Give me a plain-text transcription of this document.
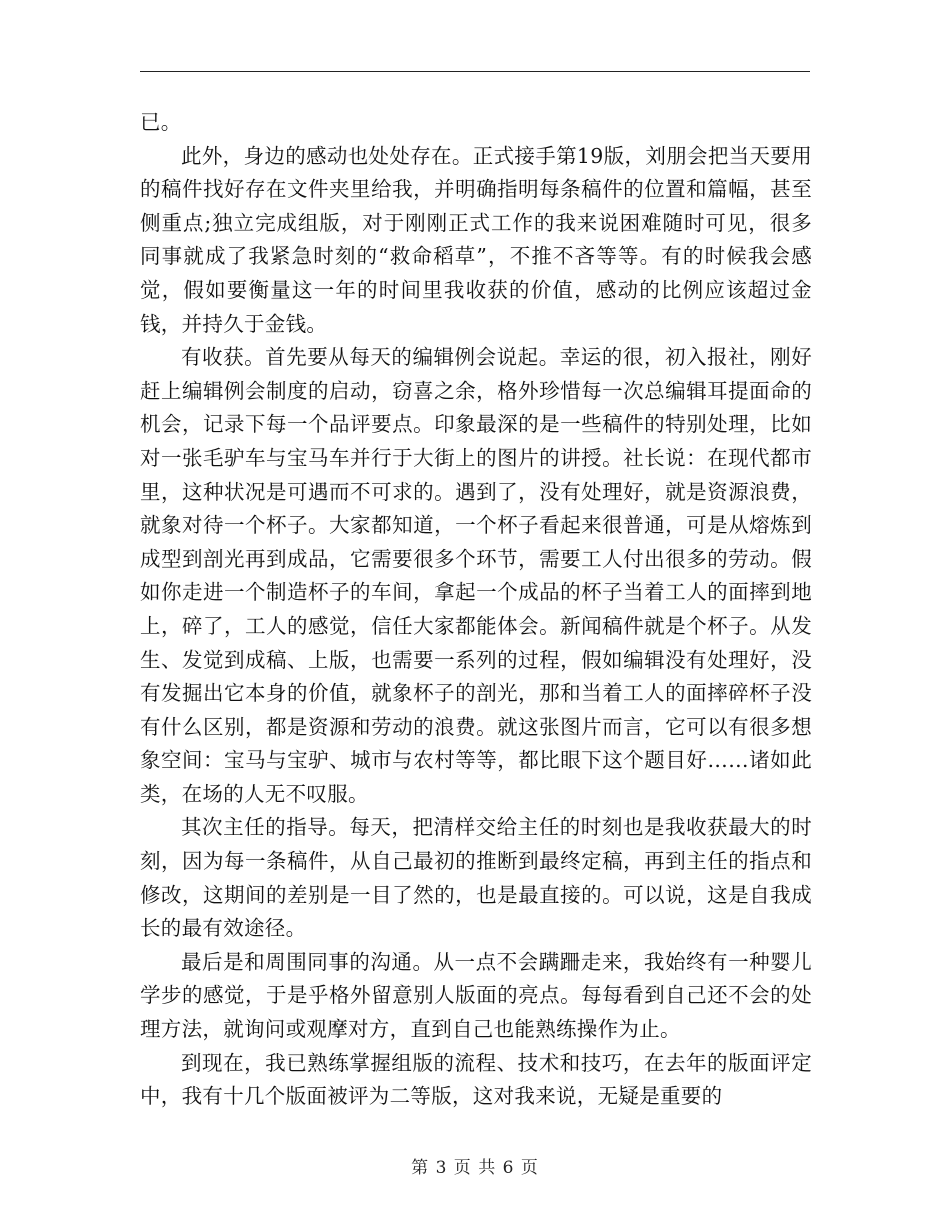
已。

此外，身边的感动也处处存在。正式接手第19版，刘朋会把当天要用的稿件找好存在文件夹里给我，并明确指明每条稿件的位置和篇幅，甚至侧重点;独立完成组版，对于刚刚正式工作的我来说困难随时可见，很多同事就成了我紧急时刻的“救命稻草”，不推不吝等等。有的时候我会感觉，假如要衡量这一年的时间里我收获的价值，感动的比例应该超过金钱，并持久于金钱。

有收获。首先要从每天的编辑例会说起。幸运的很，初入报社，刚好赶上编辑例会制度的启动，窃喜之余，格外珍惜每一次总编辑耳提面命的机会，记录下每一个品评要点。印象最深的是一些稿件的特别处理，比如对一张毛驴车与宝马车并行于大街上的图片的讲授。社长说：在现代都市里，这种状况是可遇而不可求的。遇到了，没有处理好，就是资源浪费，就象对待一个杯子。大家都知道，一个杯子看起来很普通，可是从熔炼到成型到剖光再到成品，它需要很多个环节，需要工人付出很多的劳动。假如你走进一个制造杯子的车间，拿起一个成品的杯子当着工人的面摔到地上，碎了，工人的感觉，信任大家都能体会。新闻稿件就是个杯子。从发生、发觉到成稿、上版，也需要一系列的过程，假如编辑没有处理好，没有发掘出它本身的价值，就象杯子的剖光，那和当着工人的面摔碎杯子没有什么区别，都是资源和劳动的浪费。就这张图片而言，它可以有很多想象空间：宝马与宝驴、城市与农村等等，都比眼下这个题目好……诸如此类，在场的人无不叹服。

其次主任的指导。每天，把清样交给主任的时刻也是我收获最大的时刻，因为每一条稿件，从自己最初的推断到最终定稿，再到主任的指点和修改，这期间的差别是一目了然的，也是最直接的。可以说，这是自我成长的最有效途径。

最后是和周围同事的沟通。从一点不会蹒跚走来，我始终有一种婴儿学步的感觉，于是乎格外留意别人版面的亮点。每每看到自己还不会的处理方法，就询问或观摩对方，直到自己也能熟练操作为止。

到现在，我已熟练掌握组版的流程、技术和技巧，在去年的版面评定中，我有十几个版面被评为二等版，这对我来说，无疑是重要的

第 3 页 共 6 页
